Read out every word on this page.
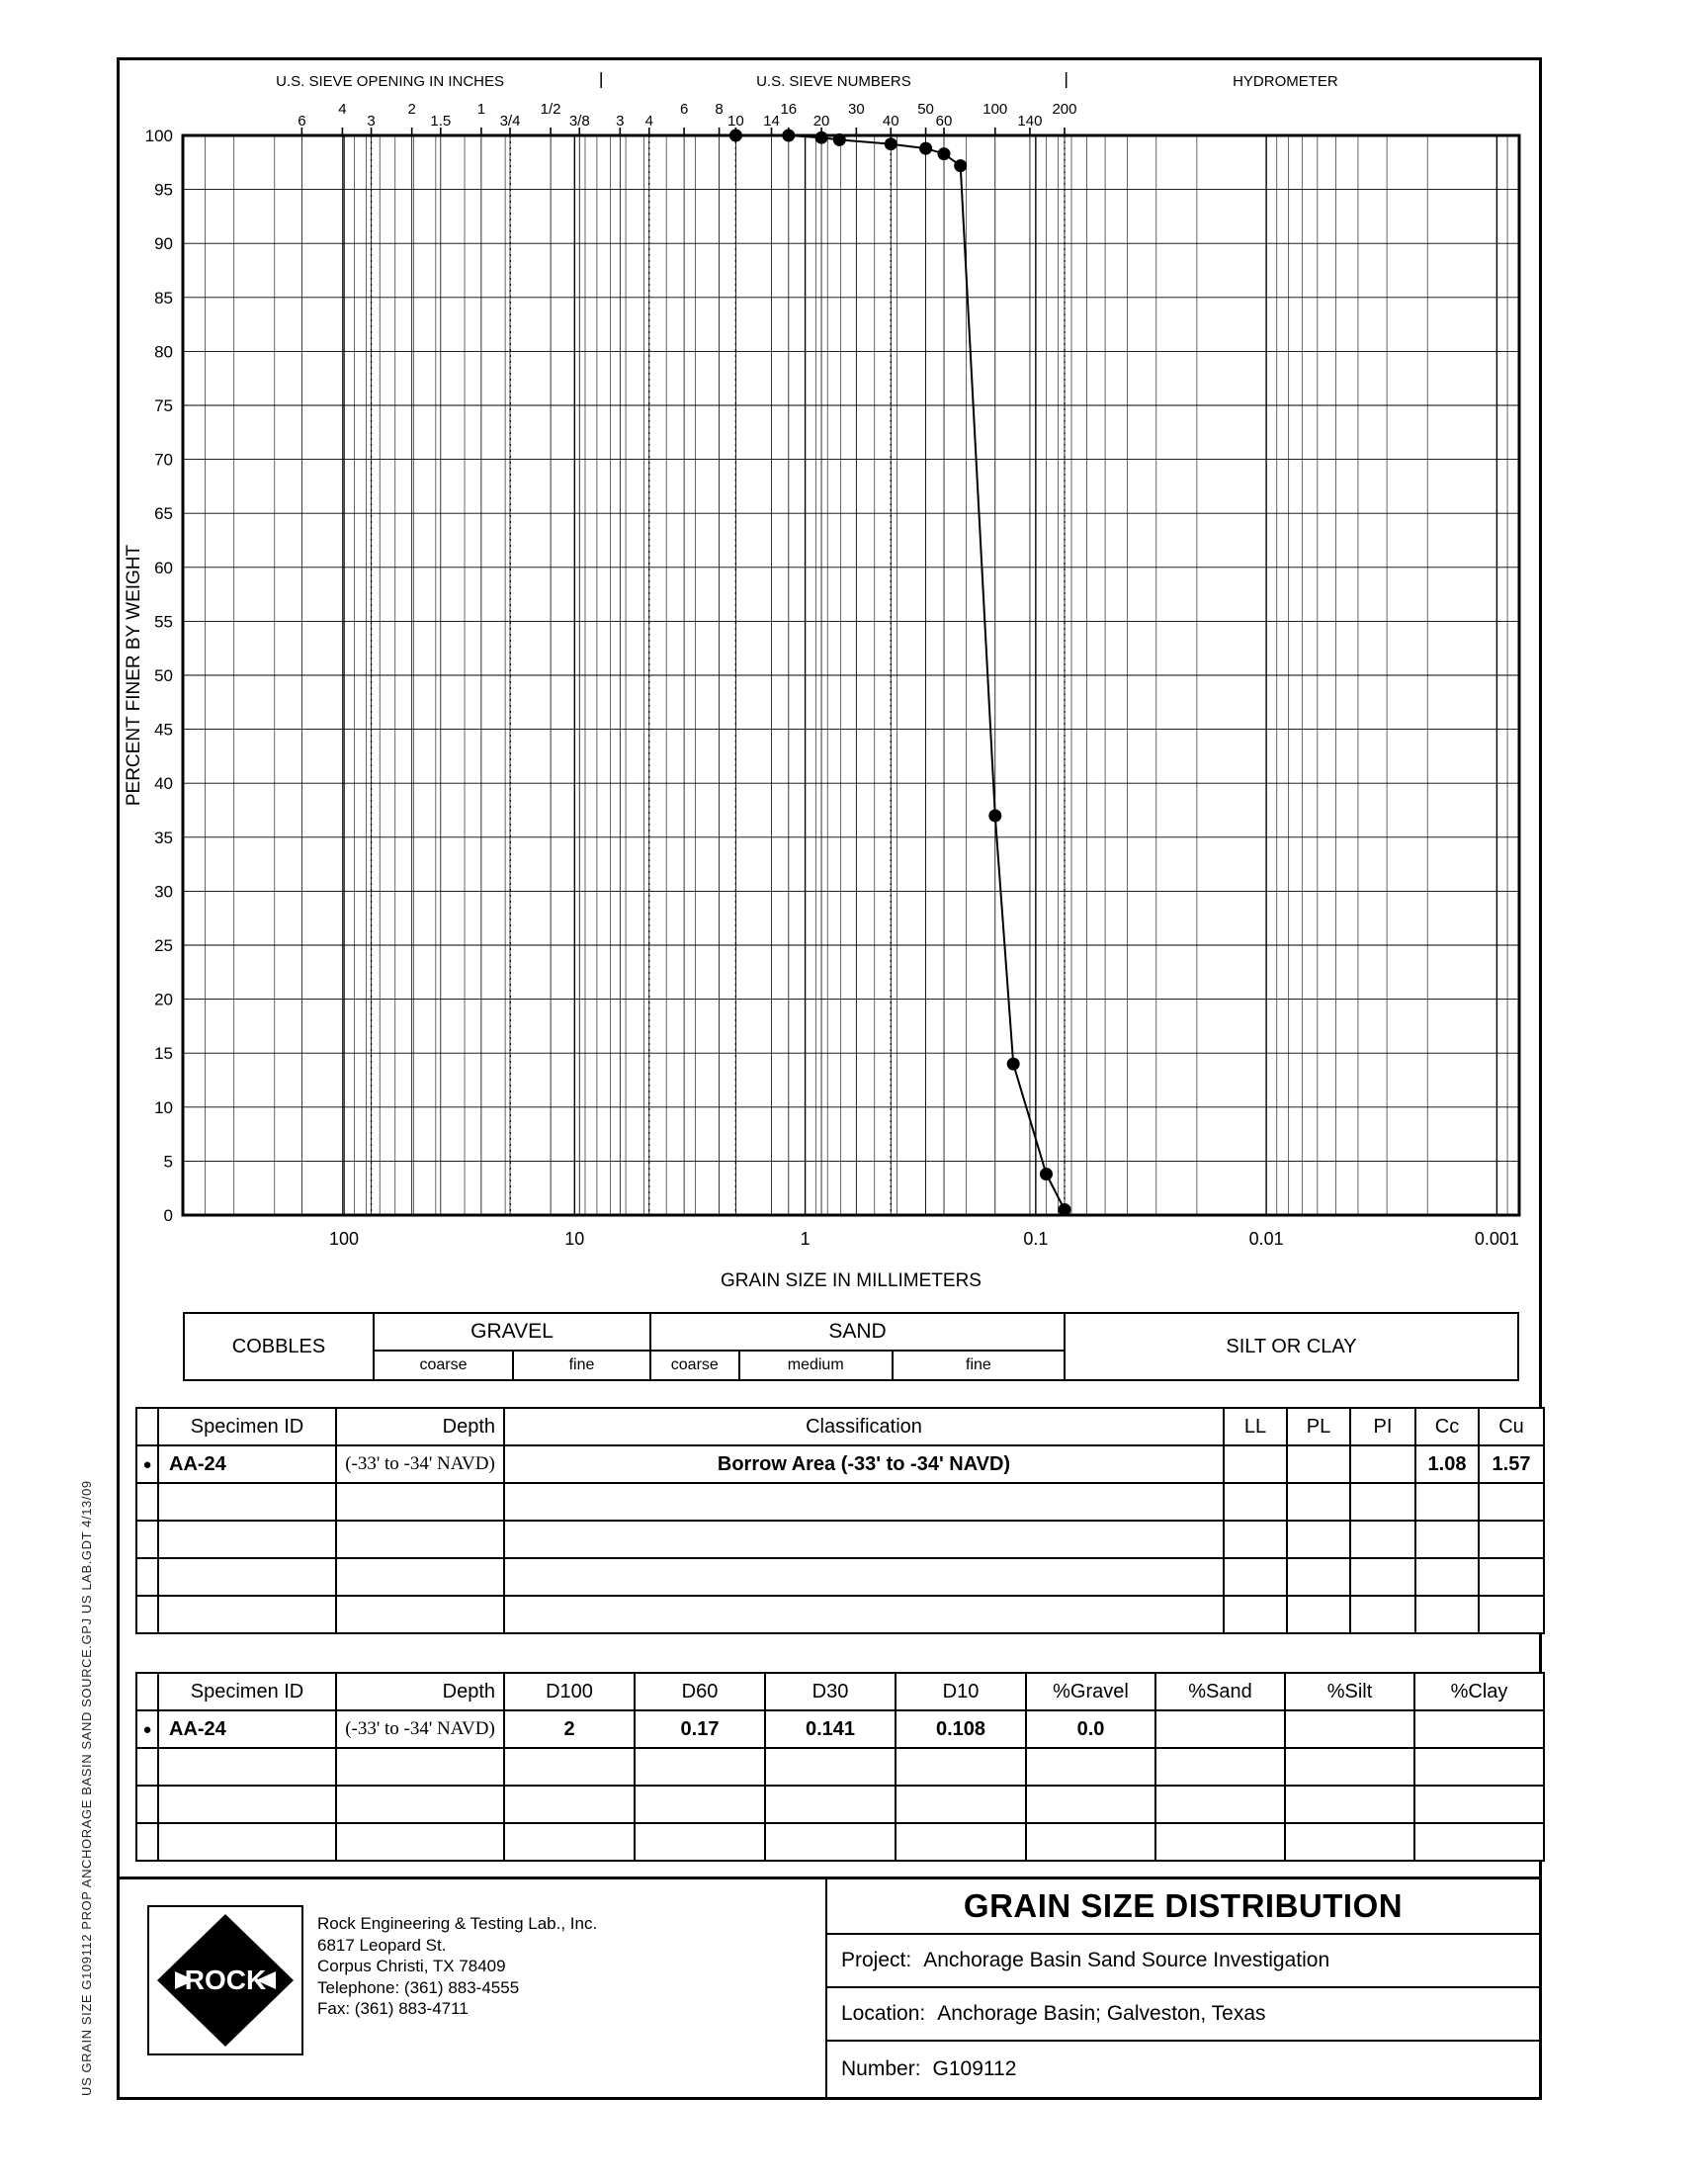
US GRAIN SIZE G109112 PROP ANCHORAGE BASIN SAND SOURCE.GPJ US LAB.GDT 4/13/09
0
5
10
15
20
25
30
35
40
45
50
55
60
65
70
75
80
85
90
95
100
PERCENT FINER BY WEIGHT
100	10	1	0.1	0.01	0.001
GRAIN SIZE IN MILLIMETERS
U.S. SIEVE OPENING IN INCHES	U.S. SIEVE NUMBERS	HYDROMETER
6
4
3
2
1.5
1
3/4
1/2
3/8 3 4
6 8
10 14
16
20
30
40
50
60
100
140
200
COBBLES
GRAVEL
coarse	fine
SAND
coarse	medium	fine
SILT OR CLAY
	Specimen ID	Depth	Classification	LL	PL	PI	Cc	Cu
●	AA-24	(-33' to -34' NAVD)	Borrow Area (-33' to -34' NAVD)				1.08	1.57

	Specimen ID	Depth	D100	D60	D30	D10	%Gravel	%Sand	%Silt	%Clay
●	AA-24	(-33' to -34' NAVD)	2	0.17	0.141	0.108	0.0			

ROCK
Rock Engineering & Testing Lab., Inc.
6817 Leopard St.
Corpus Christi, TX 78409
Telephone: (361) 883-4555
Fax: (361) 883-4711
GRAIN SIZE DISTRIBUTION
Project: Anchorage Basin Sand Source Investigation
Location: Anchorage Basin; Galveston, Texas
Number: G109112
